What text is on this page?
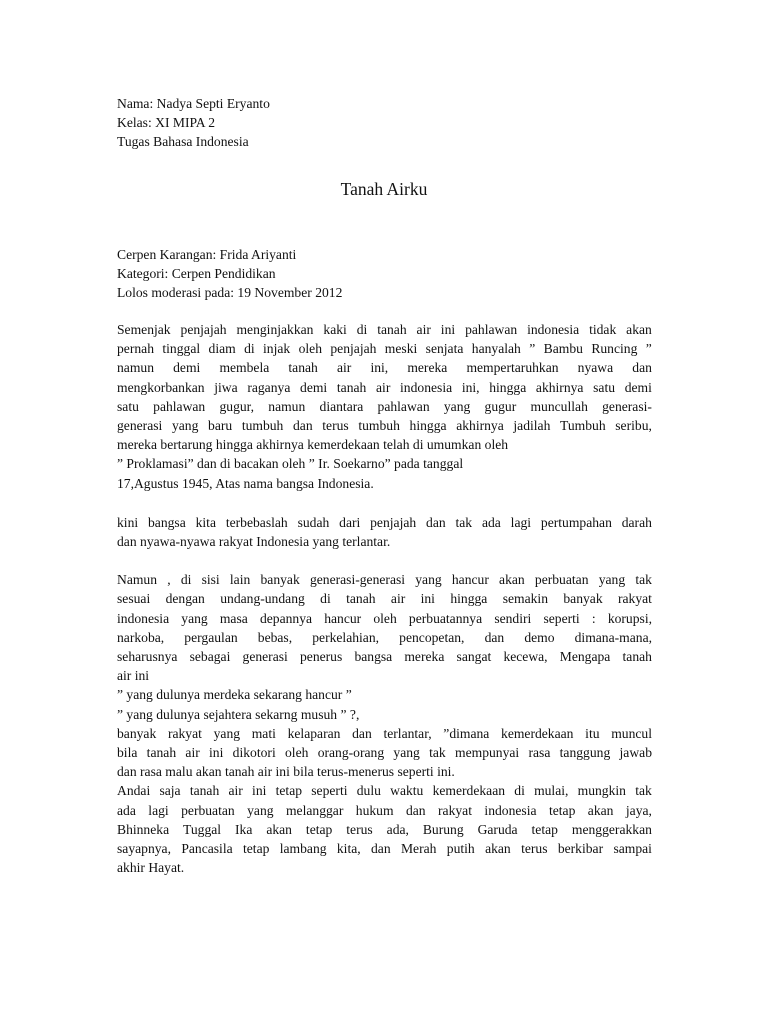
Nama: Nadya Septi Eryanto
Kelas: XI MIPA 2
Tugas Bahasa Indonesia
Tanah Airku
Cerpen Karangan: Frida Ariyanti
Kategori: Cerpen Pendidikan
Lolos moderasi pada: 19 November 2012
Semenjak penjajah menginjakkan kaki di tanah air ini pahlawan indonesia tidak akan
pernah tinggal diam di injak oleh penjajah meski senjata hanyalah ” Bambu Runcing ”
namun demi membela tanah air ini, mereka mempertaruhkan nyawa dan
mengkorbankan jiwa raganya demi tanah air indonesia ini, hingga akhirnya satu demi
satu pahlawan gugur, namun diantara pahlawan yang gugur muncullah generasi-
generasi yang baru tumbuh dan terus tumbuh hingga akhirnya jadilah Tumbuh seribu,
mereka bertarung hingga akhirnya kemerdekaan telah di umumkan oleh
” Proklamasi” dan di bacakan oleh ” Ir. Soekarno” pada tanggal
17,Agustus 1945, Atas nama bangsa Indonesia.
kini bangsa kita terbebaslah sudah dari penjajah dan tak ada lagi pertumpahan darah
dan nyawa-nyawa rakyat Indonesia yang terlantar.
Namun , di sisi lain banyak generasi-generasi yang hancur akan perbuatan yang tak
sesuai dengan undang-undang di tanah air ini hingga semakin banyak rakyat
indonesia yang masa depannya hancur oleh perbuatannya sendiri seperti : korupsi,
narkoba, pergaulan bebas, perkelahian, pencopetan, dan demo dimana-mana,
seharusnya sebagai generasi penerus bangsa mereka sangat kecewa, Mengapa tanah
air ini
” yang dulunya merdeka sekarang hancur ”
” yang dulunya sejahtera sekarng musuh ” ?,
banyak rakyat yang mati kelaparan dan terlantar, ”dimana kemerdekaan itu muncul
bila tanah air ini dikotori oleh orang-orang yang tak mempunyai rasa tanggung jawab
dan rasa malu akan tanah air ini bila terus-menerus seperti ini.
Andai saja tanah air ini tetap seperti dulu waktu kemerdekaan di mulai, mungkin tak
ada lagi perbuatan yang melanggar hukum dan rakyat indonesia tetap akan jaya,
Bhinneka Tuggal Ika akan tetap terus ada, Burung Garuda tetap menggerakkan
sayapnya, Pancasila tetap lambang kita, dan Merah putih akan terus berkibar sampai
akhir Hayat.
